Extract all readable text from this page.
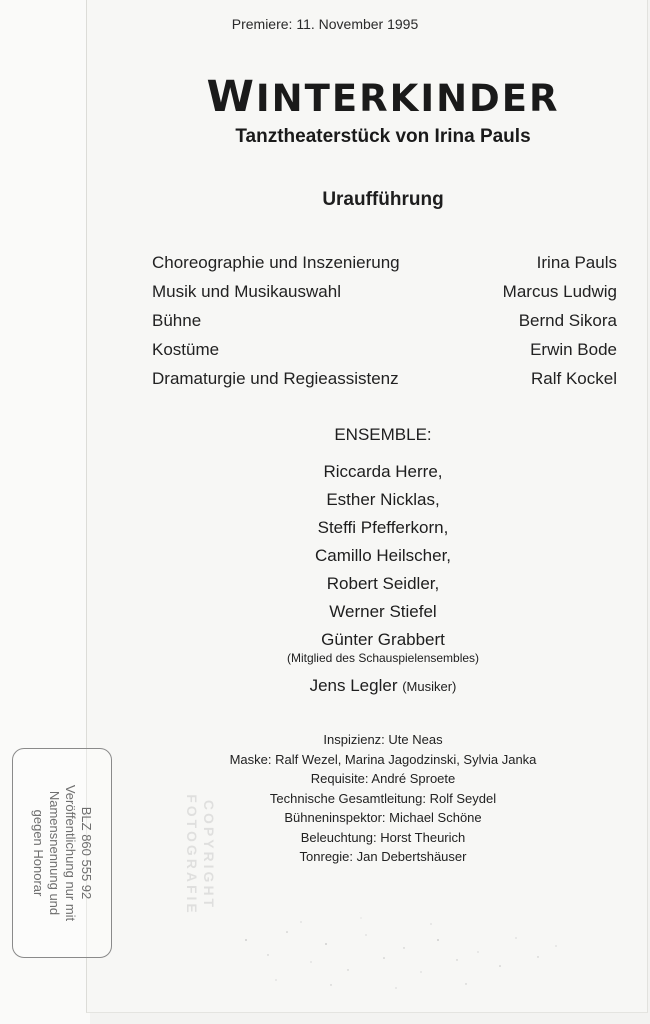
Premiere: 11. November 1995
WINTERKINDER
Tanztheaterstück von Irina Pauls
Uraufführung
Choreographie und Inszenierung	Irina Pauls
Musik und Musikauswahl	Marcus Ludwig
Bühne	Bernd Sikora
Kostüme	Erwin Bode
Dramaturgie und Regieassistenz	Ralf Kockel
ENSEMBLE:
Riccarda Herre,
Esther Nicklas,
Steffi Pfefferkorn,
Camillo Heilscher,
Robert Seidler,
Werner Stiefel
Günter Grabbert
(Mitglied des Schauspielensembles)
Jens Legler (Musiker)
Inspizienz: Ute Neas
Maske: Ralf Wezel, Marina Jagodzinski, Sylvia Janka
Requisite: André Sproete
Technische Gesamtleitung: Rolf Seydel
Bühneninspektor: Michael Schöne
Beleuchtung: Horst Theurich
Tonregie: Jan Debertshäuser
COPYRIGHT
FOTOGRAFIE
BLZ 860 555 92
Veröffentlichung nur mit
Namensnennung und
gegen Honorar
